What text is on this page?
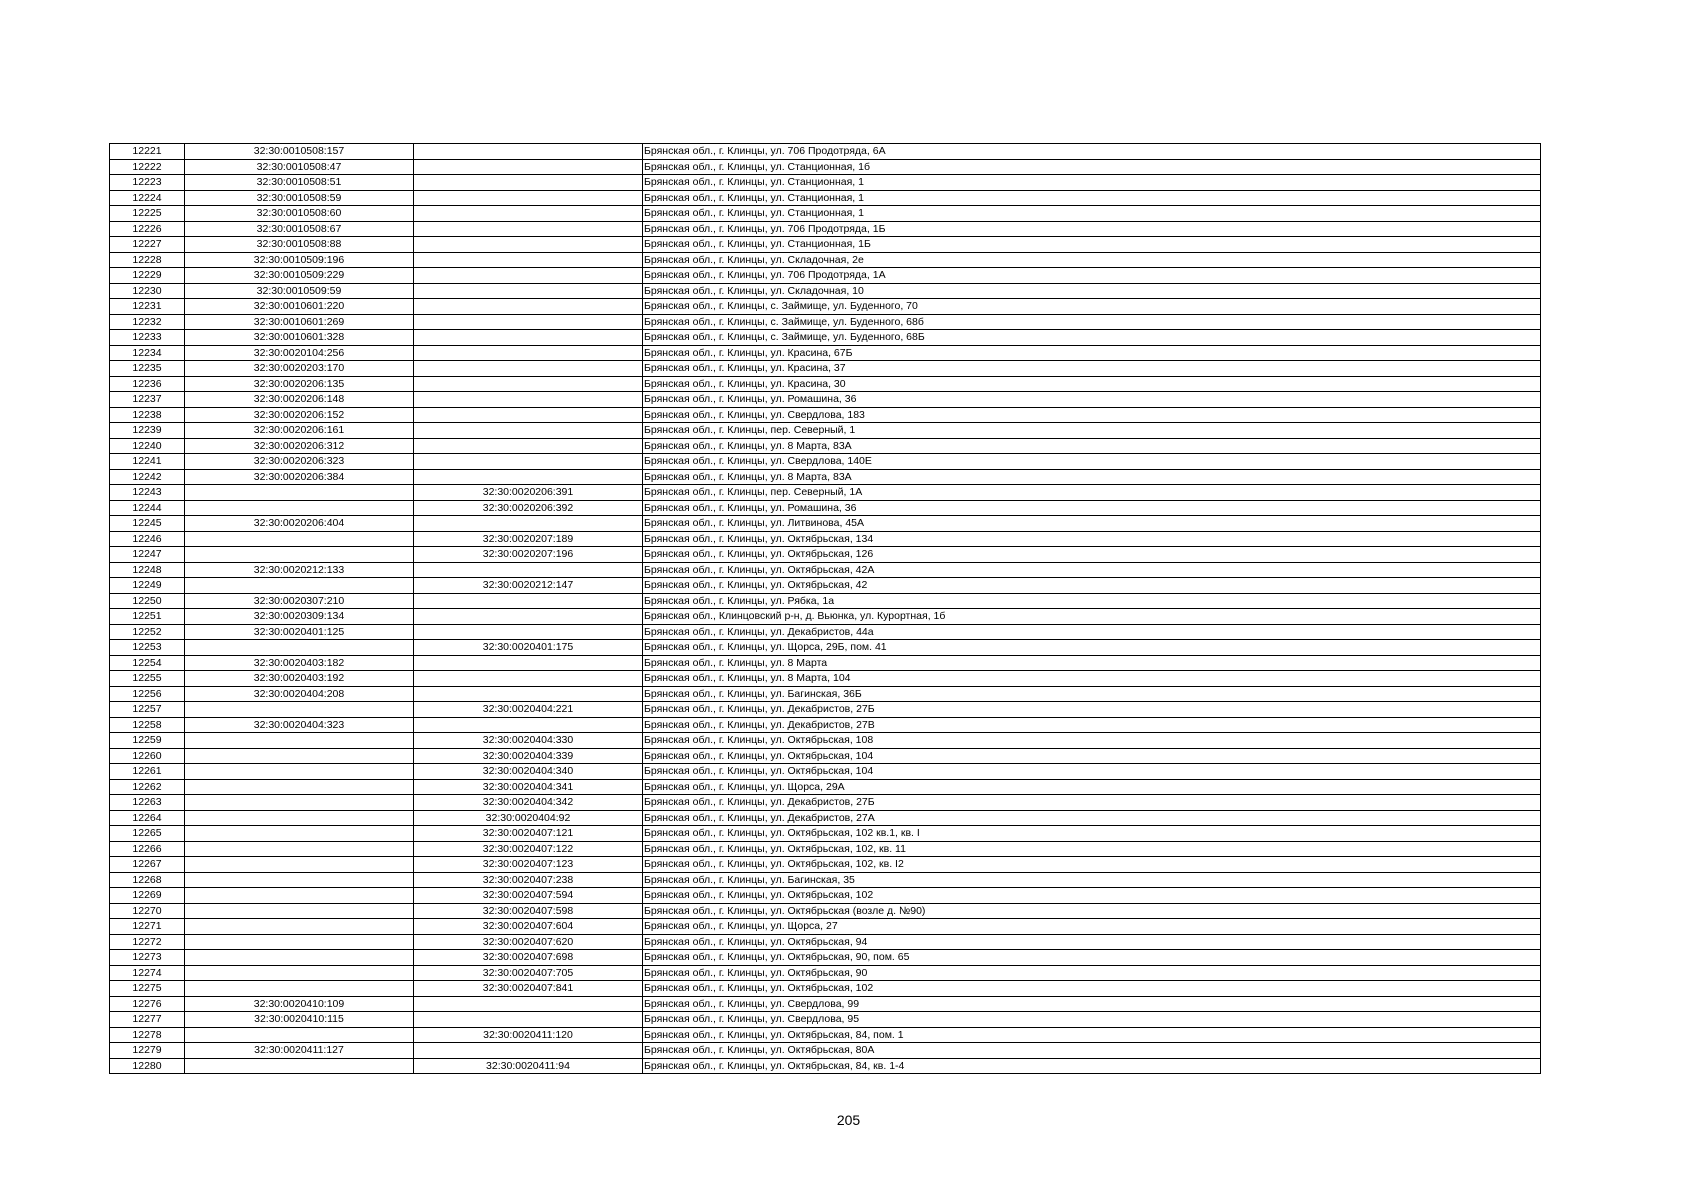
12221	32:30:0010508:157		Брянская обл., г. Клинцы, ул. 706 Продотряда, 6А
12222	32:30:0010508:47		Брянская обл., г. Клинцы, ул. Станционная, 1б
12223	32:30:0010508:51		Брянская обл., г. Клинцы, ул. Станционная, 1
12224	32:30:0010508:59		Брянская обл., г. Клинцы, ул. Станционная, 1
12225	32:30:0010508:60		Брянская обл., г. Клинцы, ул. Станционная, 1
12226	32:30:0010508:67		Брянская обл., г. Клинцы, ул. 706 Продотряда, 1Б
12227	32:30:0010508:88		Брянская обл., г. Клинцы, ул. Станционная, 1Б
12228	32:30:0010509:196		Брянская обл., г. Клинцы, ул. Складочная, 2е
12229	32:30:0010509:229		Брянская обл., г. Клинцы, ул. 706 Продотряда, 1А
12230	32:30:0010509:59		Брянская обл., г. Клинцы, ул. Складочная, 10
12231	32:30:0010601:220		Брянская обл., г. Клинцы, с. Займище, ул. Буденного, 70
12232	32:30:0010601:269		Брянская обл., г. Клинцы, с. Займище, ул. Буденного, 68б
12233	32:30:0010601:328		Брянская обл., г. Клинцы, с. Займище, ул. Буденного, 68Б
12234	32:30:0020104:256		Брянская обл., г. Клинцы, ул. Красина, 67Б
12235	32:30:0020203:170		Брянская обл., г. Клинцы, ул. Красина, 37
12236	32:30:0020206:135		Брянская обл., г. Клинцы, ул. Красина, 30
12237	32:30:0020206:148		Брянская обл., г. Клинцы, ул. Ромашина, 36
12238	32:30:0020206:152		Брянская обл., г. Клинцы, ул. Свердлова, 183
12239	32:30:0020206:161		Брянская обл., г. Клинцы, пер. Северный, 1
12240	32:30:0020206:312		Брянская обл., г. Клинцы, ул. 8 Марта, 83А
12241	32:30:0020206:323		Брянская обл., г. Клинцы, ул. Свердлова, 140Е
12242	32:30:0020206:384		Брянская обл., г. Клинцы, ул. 8 Марта, 83А
12243		32:30:0020206:391	Брянская обл., г. Клинцы, пер. Северный, 1А
12244		32:30:0020206:392	Брянская обл., г. Клинцы, ул. Ромашина, 36
12245	32:30:0020206:404		Брянская обл., г. Клинцы, ул. Литвинова, 45А
12246		32:30:0020207:189	Брянская обл., г. Клинцы, ул. Октябрьская, 134
12247		32:30:0020207:196	Брянская обл., г. Клинцы, ул. Октябрьская, 126
12248	32:30:0020212:133		Брянская обл., г. Клинцы, ул. Октябрьская, 42А
12249		32:30:0020212:147	Брянская обл., г. Клинцы, ул. Октябрьская, 42
12250	32:30:0020307:210		Брянская обл., г. Клинцы, ул. Рябка, 1а
12251	32:30:0020309:134		Брянская обл., Клинцовский р-н, д. Вьюнка, ул. Курортная, 1б
12252	32:30:0020401:125		Брянская обл., г. Клинцы, ул. Декабристов, 44а
12253		32:30:0020401:175	Брянская обл., г. Клинцы, ул. Щорса, 29Б, пом. 41
12254	32:30:0020403:182		Брянская обл., г. Клинцы, ул. 8 Марта
12255	32:30:0020403:192		Брянская обл., г. Клинцы, ул. 8 Марта, 104
12256	32:30:0020404:208		Брянская обл., г. Клинцы, ул. Багинская, 36Б
12257		32:30:0020404:221	Брянская обл., г. Клинцы, ул. Декабристов, 27Б
12258	32:30:0020404:323		Брянская обл., г. Клинцы, ул. Декабристов, 27В
12259		32:30:0020404:330	Брянская обл., г. Клинцы, ул. Октябрьская, 108
12260		32:30:0020404:339	Брянская обл., г. Клинцы, ул. Октябрьская, 104
12261		32:30:0020404:340	Брянская обл., г. Клинцы, ул. Октябрьская, 104
12262		32:30:0020404:341	Брянская обл., г. Клинцы, ул. Щорса, 29А
12263		32:30:0020404:342	Брянская обл., г. Клинцы, ул. Декабристов, 27Б
12264		32:30:0020404:92	Брянская обл., г. Клинцы, ул. Декабристов, 27А
12265		32:30:0020407:121	Брянская обл., г. Клинцы, ул. Октябрьская, 102 кв.1, кв. I
12266		32:30:0020407:122	Брянская обл., г. Клинцы, ул. Октябрьская, 102, кв. 11
12267		32:30:0020407:123	Брянская обл., г. Клинцы, ул. Октябрьская, 102, кв. I2
12268		32:30:0020407:238	Брянская обл., г. Клинцы, ул. Багинская, 35
12269		32:30:0020407:594	Брянская обл., г. Клинцы, ул. Октябрьская, 102
12270		32:30:0020407:598	Брянская обл., г. Клинцы, ул. Октябрьская (возле д. №90)
12271		32:30:0020407:604	Брянская обл., г. Клинцы, ул. Щорса, 27
12272		32:30:0020407:620	Брянская обл., г. Клинцы, ул. Октябрьская, 94
12273		32:30:0020407:698	Брянская обл., г. Клинцы, ул. Октябрьская, 90, пом. 65
12274		32:30:0020407:705	Брянская обл., г. Клинцы, ул. Октябрьская, 90
12275		32:30:0020407:841	Брянская обл., г. Клинцы, ул. Октябрьская, 102
12276	32:30:0020410:109		Брянская обл., г. Клинцы, ул. Свердлова, 99
12277	32:30:0020410:115		Брянская обл., г. Клинцы, ул. Свердлова, 95
12278		32:30:0020411:120	Брянская обл., г. Клинцы, ул. Октябрьская, 84, пом. 1
12279	32:30:0020411:127		Брянская обл., г. Клинцы, ул. Октябрьская, 80А
12280		32:30:0020411:94	Брянская обл., г. Клинцы, ул. Октябрьская, 84, кв. 1-4
205
